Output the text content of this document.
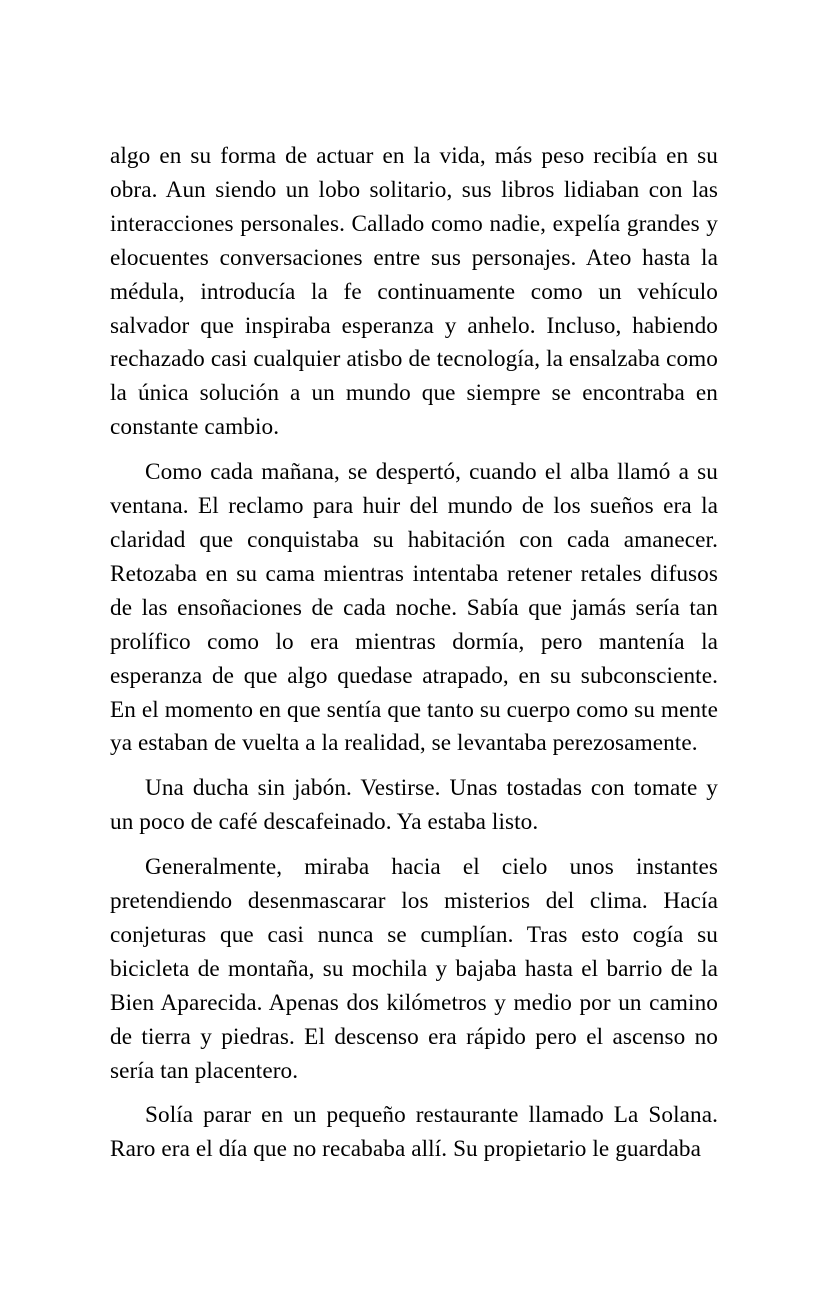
algo en su forma de actuar en la vida, más peso recibía en su obra. Aun siendo un lobo solitario, sus libros lidiaban con las interacciones personales. Callado como nadie, expelía grandes y elocuentes conversaciones entre sus personajes. Ateo hasta la médula, introducía la fe continuamente como un vehículo salvador que inspiraba esperanza y anhelo. Incluso, habiendo rechazado casi cualquier atisbo de tecnología, la ensalzaba como la única solución a un mundo que siempre se encontraba en constante cambio.

Como cada mañana, se despertó, cuando el alba llamó a su ventana. El reclamo para huir del mundo de los sueños era la claridad que conquistaba su habitación con cada amanecer. Retozaba en su cama mientras intentaba retener retales difusos de las ensoñaciones de cada noche. Sabía que jamás sería tan prolífico como lo era mientras dormía, pero mantenía la esperanza de que algo quedase atrapado, en su subconsciente. En el momento en que sentía que tanto su cuerpo como su mente ya estaban de vuelta a la realidad, se levantaba perezosamente.

Una ducha sin jabón. Vestirse. Unas tostadas con tomate y un poco de café descafeinado. Ya estaba listo.

Generalmente, miraba hacia el cielo unos instantes pretendiendo desenmascarar los misterios del clima. Hacía conjeturas que casi nunca se cumplían. Tras esto cogía su bicicleta de montaña, su mochila y bajaba hasta el barrio de la Bien Aparecida. Apenas dos kilómetros y medio por un camino de tierra y piedras. El descenso era rápido pero el ascenso no sería tan placentero.

Solía parar en un pequeño restaurante llamado La Solana. Raro era el día que no recababa allí. Su propietario le guardaba
